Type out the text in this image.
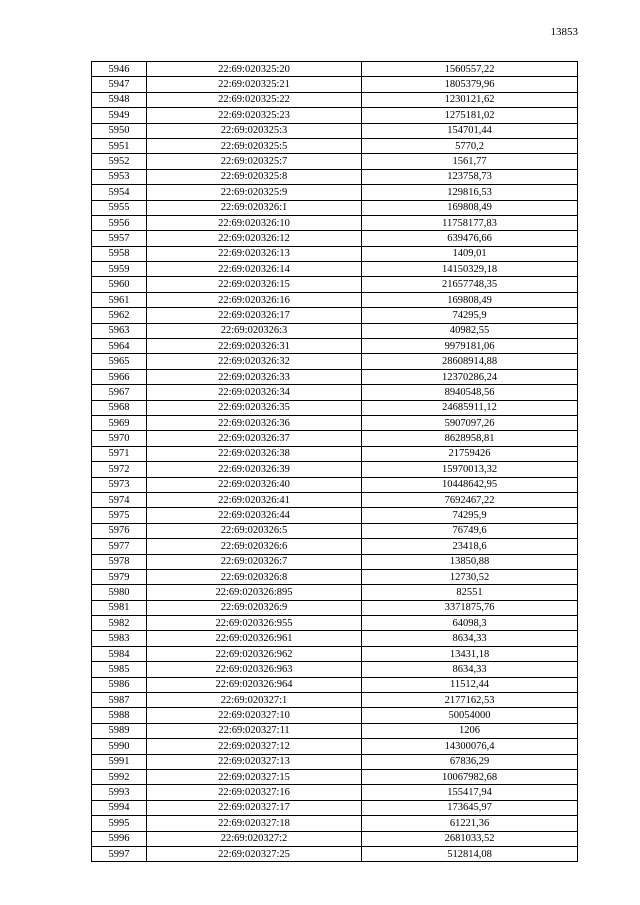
13853
5946	22:69:020325:20	1560557,22
5947	22:69:020325:21	1805379,96
5948	22:69:020325:22	1230121,62
5949	22:69:020325:23	1275181,02
5950	22:69:020325:3	154701,44
5951	22:69:020325:5	5770,2
5952	22:69:020325:7	1561,77
5953	22:69:020325:8	123758,73
5954	22:69:020325:9	129816,53
5955	22:69:020326:1	169808,49
5956	22:69:020326:10	11758177,83
5957	22:69:020326:12	639476,66
5958	22:69:020326:13	1409,01
5959	22:69:020326:14	14150329,18
5960	22:69:020326:15	21657748,35
5961	22:69:020326:16	169808,49
5962	22:69:020326:17	74295,9
5963	22:69:020326:3	40982,55
5964	22:69:020326:31	9979181,06
5965	22:69:020326:32	28608914,88
5966	22:69:020326:33	12370286,24
5967	22:69:020326:34	8940548,56
5968	22:69:020326:35	24685911,12
5969	22:69:020326:36	5907097,26
5970	22:69:020326:37	8628958,81
5971	22:69:020326:38	21759426
5972	22:69:020326:39	15970013,32
5973	22:69:020326:40	10448642,95
5974	22:69:020326:41	7692467,22
5975	22:69:020326:44	74295,9
5976	22:69:020326:5	76749,6
5977	22:69:020326:6	23418,6
5978	22:69:020326:7	13850,88
5979	22:69:020326:8	12730,52
5980	22:69:020326:895	82551
5981	22:69:020326:9	3371875,76
5982	22:69:020326:955	64098,3
5983	22:69:020326:961	8634,33
5984	22:69:020326:962	13431,18
5985	22:69:020326:963	8634,33
5986	22:69:020326:964	11512,44
5987	22:69:020327:1	2177162,53
5988	22:69:020327:10	50054000
5989	22:69:020327:11	1206
5990	22:69:020327:12	14300076,4
5991	22:69:020327:13	67836,29
5992	22:69:020327:15	10067982,68
5993	22:69:020327:16	155417,94
5994	22:69:020327:17	173645,97
5995	22:69:020327:18	61221,36
5996	22:69:020327:2	2681033,52
5997	22:69:020327:25	512814,08
